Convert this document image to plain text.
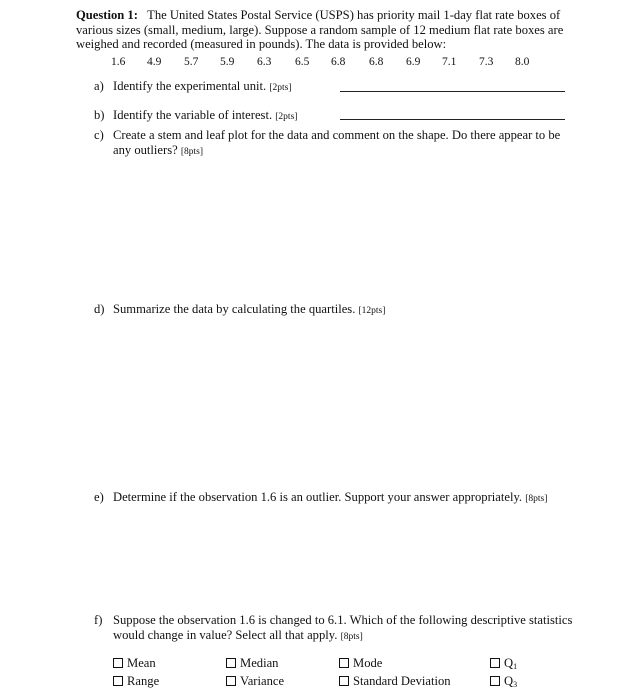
Question 1: The United States Postal Service (USPS) has priority mail 1-day flat rate boxes of various sizes (small, medium, large). Suppose a random sample of 12 medium flat rate boxes are weighed and recorded (measured in pounds). The data is provided below:
1.6 4.9 5.7 5.9 6.3 6.5 6.8 6.8 6.9 7.1 7.3 8.0
a) Identify the experimental unit. [2pts]
b) Identify the variable of interest. [2pts]
c) Create a stem and leaf plot for the data and comment on the shape. Do there appear to be
any outliers? [8pts]
d) Summarize the data by calculating the quartiles. [12pts]
e) Determine if the observation 1.6 is an outlier. Support your answer appropriately. [8pts]
f) Suppose the observation 1.6 is changed to 6.1. Which of the following descriptive statistics
would change in value? Select all that apply. [8pts]
Mean	Median	Mode	$Q_1$
Range	Variance	Standard Deviation	$Q_3$
